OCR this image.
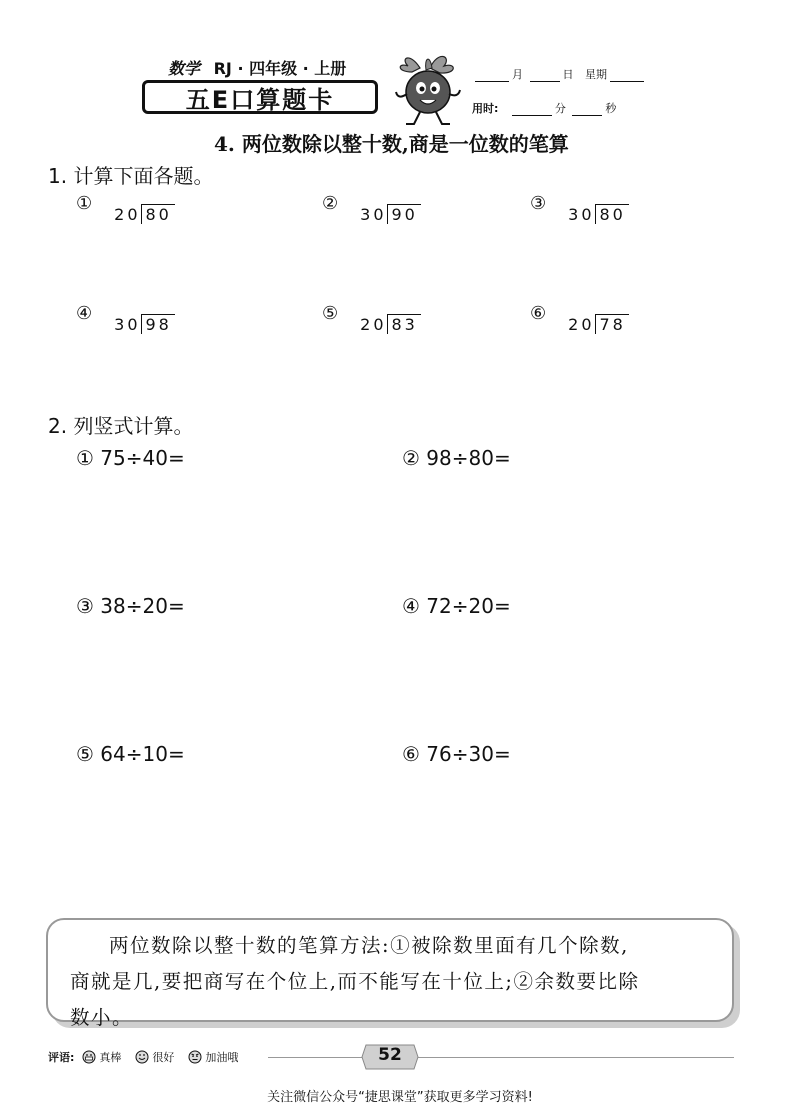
数学 RJ · 四年级 · 上册
五E口算题卡
月	日 星期
用时:	分	秒
4. 两位数除以整十数,商是一位数的笔算
1. 计算下面各题。
①20 80
②30 90
③30 80
④30 98
⑤20 83
⑥20 78
2. 列竖式计算。
① 75÷40=	② 98÷80=
③ 38÷20=	④ 72÷20=
⑤ 64÷10=	⑥ 76÷30=

两位数除以整十数的笔算方法:①被除数里面有几个除数,

商就是几,要把商写在个位上,而不能写在十位上;②余数要比除
数小。
评语: 真棒	很好	加油哦	52
关注微信公众号“捷思课堂”获取更多学习资料!
